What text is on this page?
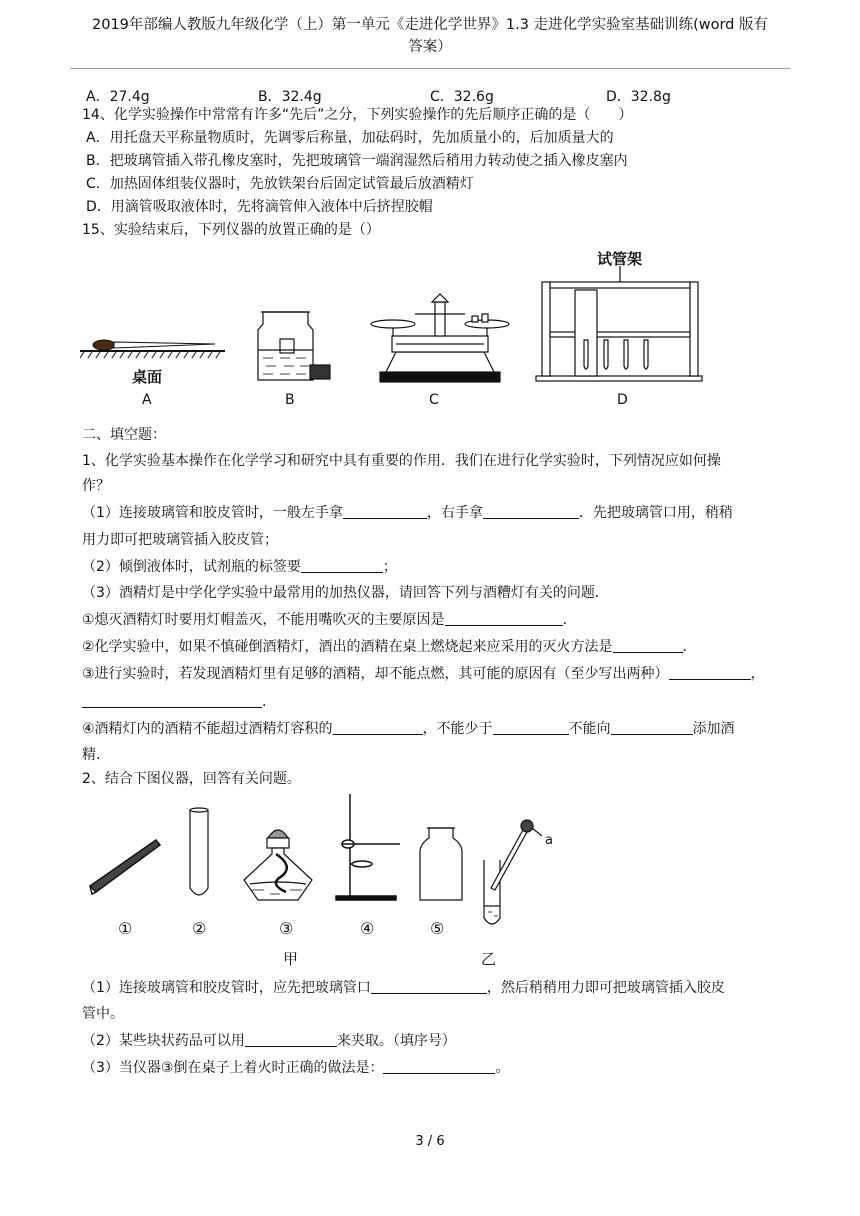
2019年部编人教版九年级化学（上）第一单元《走进化学世界》1.3 走进化学实验室基础训练(word 版有
答案）
A．27.4g	B．32.4g	C．32.6g	D．32.8g
14、化学实验操作中常常有许多“先后”之分，下列实验操作的先后顺序正确的是（　　）
A．用托盘天平称量物质时，先调零后称量，加砝码时，先加质量小的，后加质量大的
B．把玻璃管插入带孔橡皮塞时，先把玻璃管一端润湿然后稍用力转动使之插入橡皮塞内
C．加热固体组装仪器时，先放铁架台后固定试管最后放酒精灯
D．用滴管吸取液体时，先将滴管伸入液体中后挤捏胶帽
15、实验结束后，下列仪器的放置正确的是（）
桌面
A	B	C
试管架
D
二、填空题：
1、化学实验基本操作在化学学习和研究中具有重要的作用．我们在进行化学实验时，下列情况应如何操
作？
（1）连接玻璃管和胶皮管时，一般左手拿	，右手拿	．先把玻璃管口用，稍稍
用力即可把玻璃管插入胶皮管；
（2）倾倒液体时，试剂瓶的标签要	；
（3）酒精灯是中学化学实验中最常用的加热仪器，请回答下列与酒糟灯有关的问题．
①熄灭酒精灯时要用灯帽盖灭，不能用嘴吹灭的主要原因是	.
②化学实验中，如果不慎碰倒酒精灯，酒出的酒精在桌上燃烧起来应采用的灭火方法是	.
③进行实验时，若发现酒精灯里有足够的酒精，却不能点燃，其可能的原因有（至少写出两种）	，
.
④酒精灯内的酒精不能超过酒精灯容积的	，不能少于	不能向	添加酒
精.
2、结合下图仪器，回答有关问题。
a
①	②	③	④	⑤
甲	乙
（1）连接玻璃管和胶皮管时，应先把玻璃管口	，然后稍稍用力即可把玻璃管插入胶皮
管中。
（2）某些块状药品可以用	来夹取。（填序号）
（3）当仪器③倒在桌子上着火时正确的做法是：	。
3 / 6
